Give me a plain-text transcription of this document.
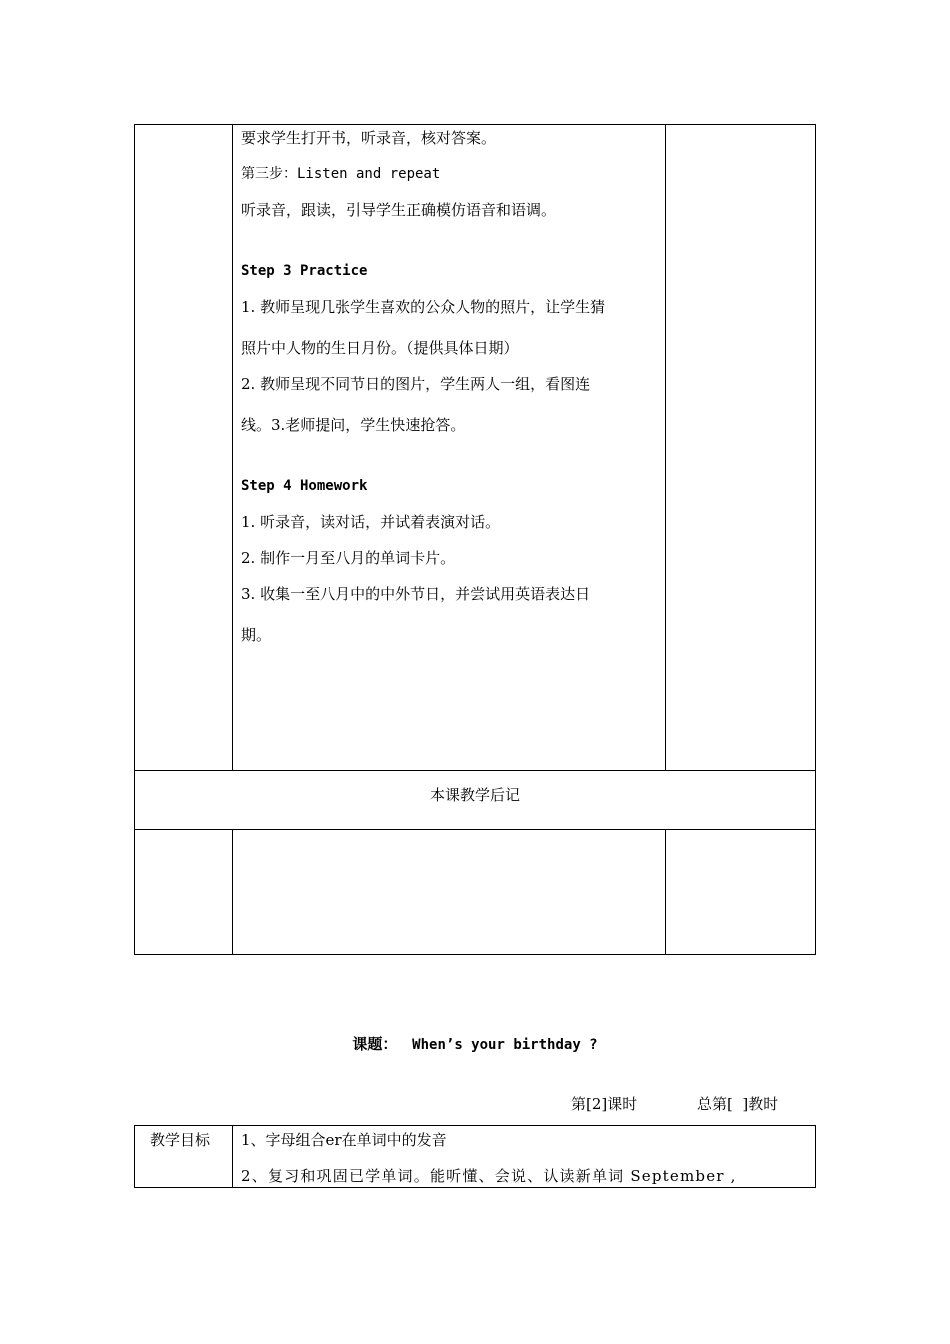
要求学生打开书，听录音，核对答案。
第三步：Listen and repeat
听录音，跟读，引导学生正确模仿语音和语调。
Step 3 Practice
1. 教师呈现几张学生喜欢的公众人物的照片，让学生猜
照片中人物的生日月份。（提供具体日期）
2. 教师呈现不同节日的图片，学生两人一组，看图连
线。3.老师提问，学生快速抢答。
Step 4 Homework
1. 听录音，读对话，并试着表演对话。
2. 制作一月至八月的单词卡片。
3. 收集一至八月中的中外节日，并尝试用英语表达日
期。
本课教学后记
课题： When’s your birthday ?
第[2]课时	总第[  ]教时
教学目标 1、字母组合er在单词中的发音
2、复习和巩固已学单词。能听懂、会说、认读新单词 September ,
